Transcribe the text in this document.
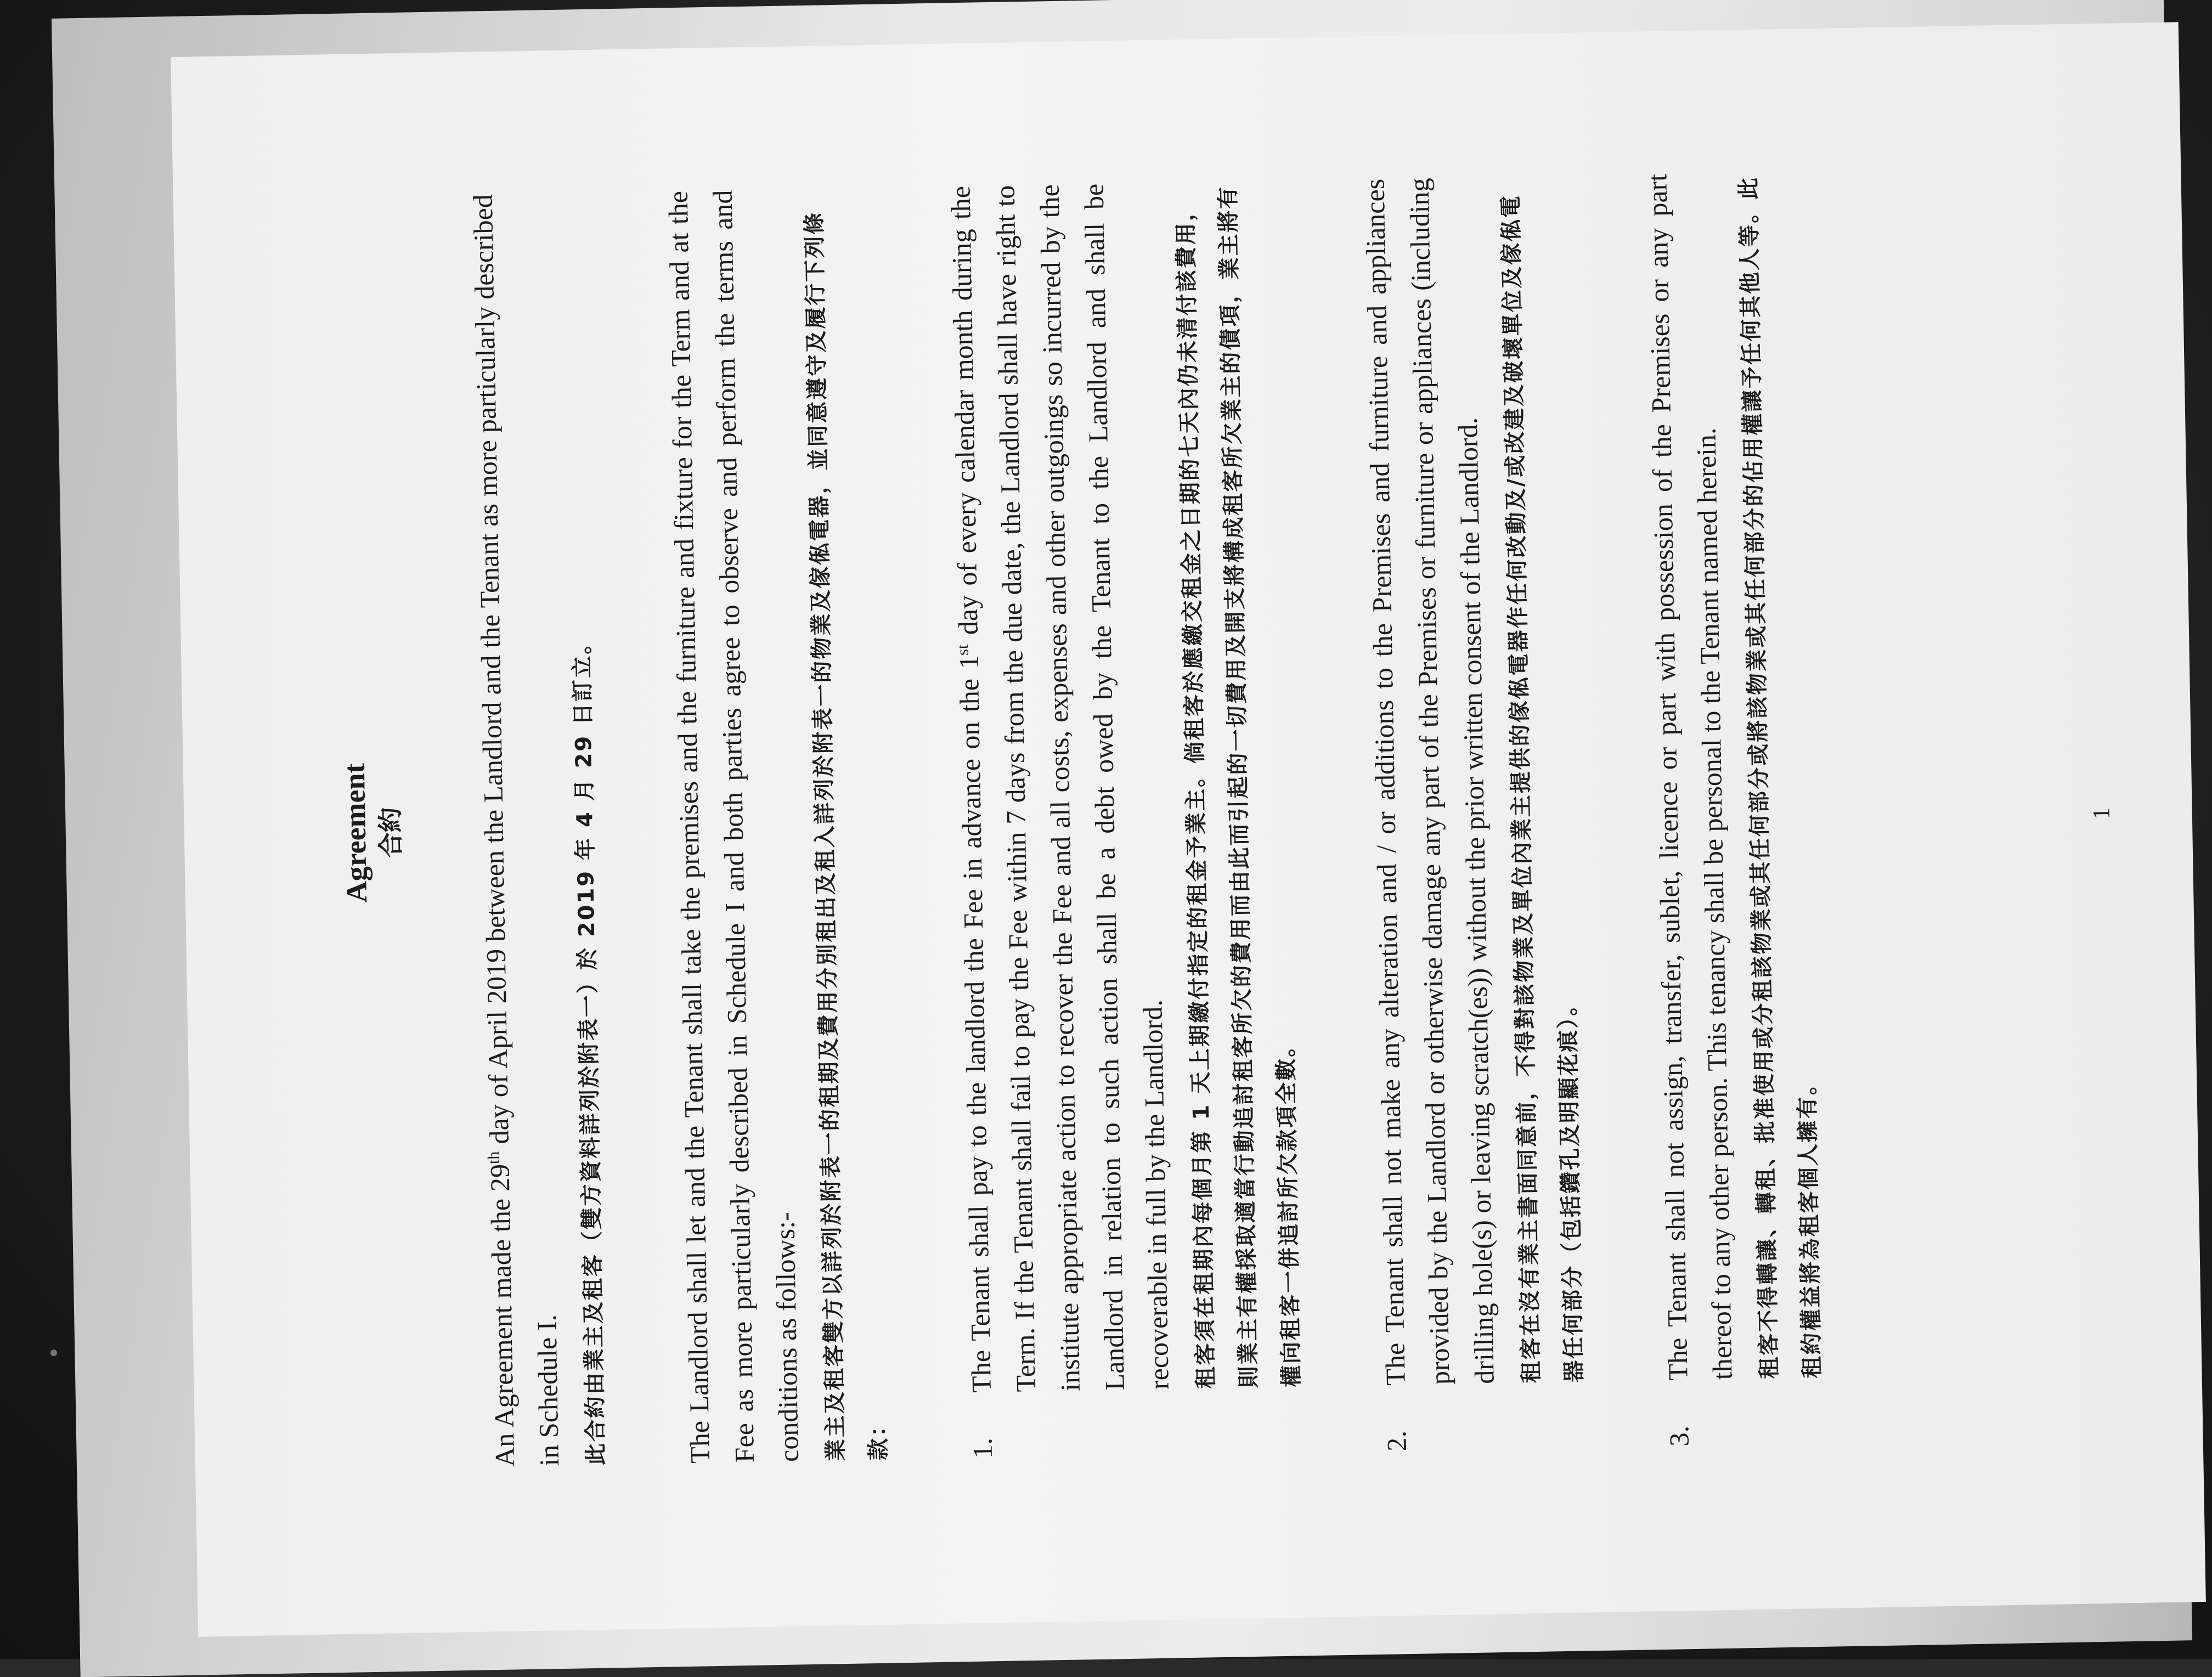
Agreement 合約

An Agreement made the 29th day of April 2019 between the Landlord and the Tenant as more particularly described in Schedule I. 此合約由業主及租客（雙方資料詳列於附表一）於 2019 年 4 月 29 日訂立。	The Landlord shall let and the Tenant shall take the premises and the furniture and fixture for the Term and at the Fee as more particularly described in Schedule I and both parties agree to observe and perform the terms and conditions as follows:-

業主及租客雙方以詳列於附表一的租期及費用分別租出及租入詳列於附表一的物業及傢俬電器，並同意遵守及履行下列條款：	1.

The Tenant shall pay to the landlord the Fee in advance on the 1st day of every calendar month during the Term. If the Tenant shall fail to pay the Fee within 7 days from the due date, the Landlord shall have right to institute appropriate action to recover the Fee and all costs, expenses and other outgoings so incurred by the Landlord in relation to such action shall be a debt owed by the Tenant to the Landlord and shall be recoverable in full by the Landlord.

租客須在租期內每個月第 1 天上期繳付指定的租金予業主。倘租客於應繳交租金之日期的七天內仍未清付該費用，則業主有權採取適當行動追討租客所欠的費用而由此而引起的一切費用及開支將構成租客所欠業主的債項，業主將有權向租客一併追討所欠款項全數。

2.

The Tenant shall not make any alteration and / or additions to the Premises and furniture and appliances provided by the Landlord or otherwise damage any part of the Premises or furniture or appliances (including drilling hole(s) or leaving scratch(es)) without the prior written consent of the Landlord.

租客在沒有業主書面同意前，不得對該物業及單位內業主提供的傢俬電器作任何改動及/或改建及破壞單位及傢俬電器任何部分（包括鑽孔及明顯花痕）。

3.

The Tenant shall not assign, transfer, sublet, licence or part with possession of the Premises or any part thereof to any other person. This tenancy shall be personal to the Tenant named herein.

租客不得轉讓、轉租、批准使用或分租該物業或其任何部分或將該物業或其任何部分的佔用權讓予任何其他人等。此租約權益將為租客個人擁有。

1
